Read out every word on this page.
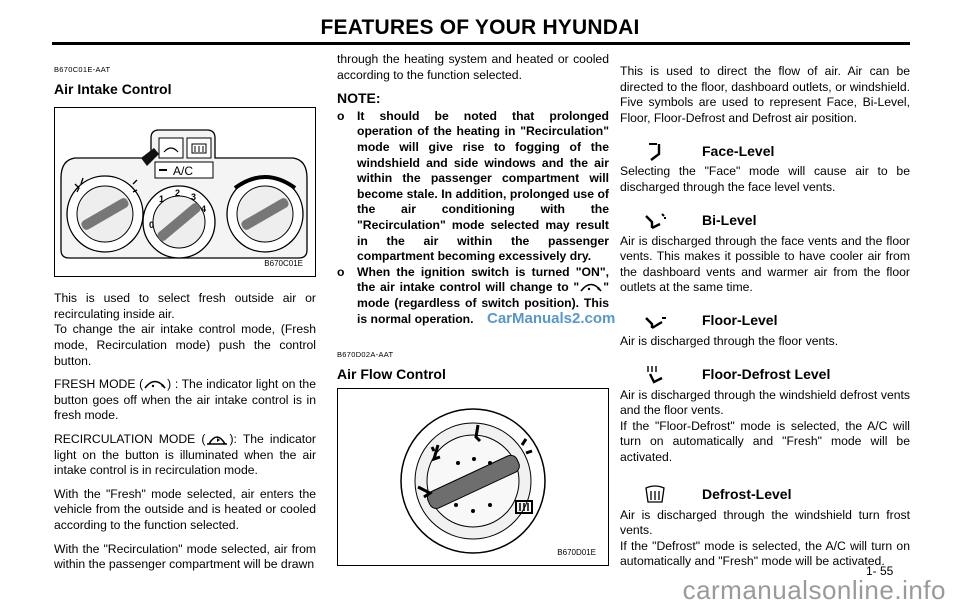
FEATURES OF YOUR HYUNDAI
B670C01E-AAT
Air Intake Control
A/C
0
1
2 3
4
B670C01E

This is used to select fresh outside air or recirculating inside air.

To change the air intake control mode, (Fresh mode, Recirculation mode) push the control button.

FRESH MODE ( ) : The indicator light on the button goes off when the air intake control is in fresh mode.

RECIRCULATION MODE ( ): The indicator light on the button is illuminated when the air intake control is in recirculation mode.

With the "Fresh" mode selected, air enters the vehicle from the outside and is heated or cooled according to the function selected.

With the "Recirculation" mode selected, air from within the passenger compartment will be drawn

through the heating system and heated or cooled according to the function selected.

NOTE:
o It should be noted that prolonged operation of the heating in "Recirculation" mode will give rise to fogging of the windshield and side windows and the air within the passenger compartment will become stale. In addition, prolonged use of the air conditioning with the "Recirculation" mode selected may result in the air within the passenger compartment becoming excessively dry.
o When the ignition switch is turned "ON", the air intake control will change to " " mode (regardless of switch position). This is normal operation.
B670D02A-AAT
Air Flow Control
B670D01E

This is used to direct the flow of air. Air can be directed to the floor, dashboard outlets, or windshield. Five symbols are used to represent Face, Bi-Level, Floor, Floor-Defrost and Defrost air position.

Face-Level

Selecting the "Face" mode will cause air to be discharged through the face level vents.

Bi-Level

Air is discharged through the face vents and the floor vents. This makes it possible to have cooler air from the dashboard vents and warmer air from the floor outlets at the same time.

Floor-Level

Air is discharged through the floor vents.

Floor-Defrost Level

Air is discharged through the windshield defrost vents and the floor vents.

If the "Floor-Defrost" mode is selected, the A/C will turn on automatically and "Fresh" mode will be activated.

Defrost-Level

Air is discharged through the windshield turn frost vents.

If the "Defrost" mode is selected, the A/C will turn on automatically and "Fresh" mode will be activated.

1- 55
CarManuals2.com
carmanualsonline.info
